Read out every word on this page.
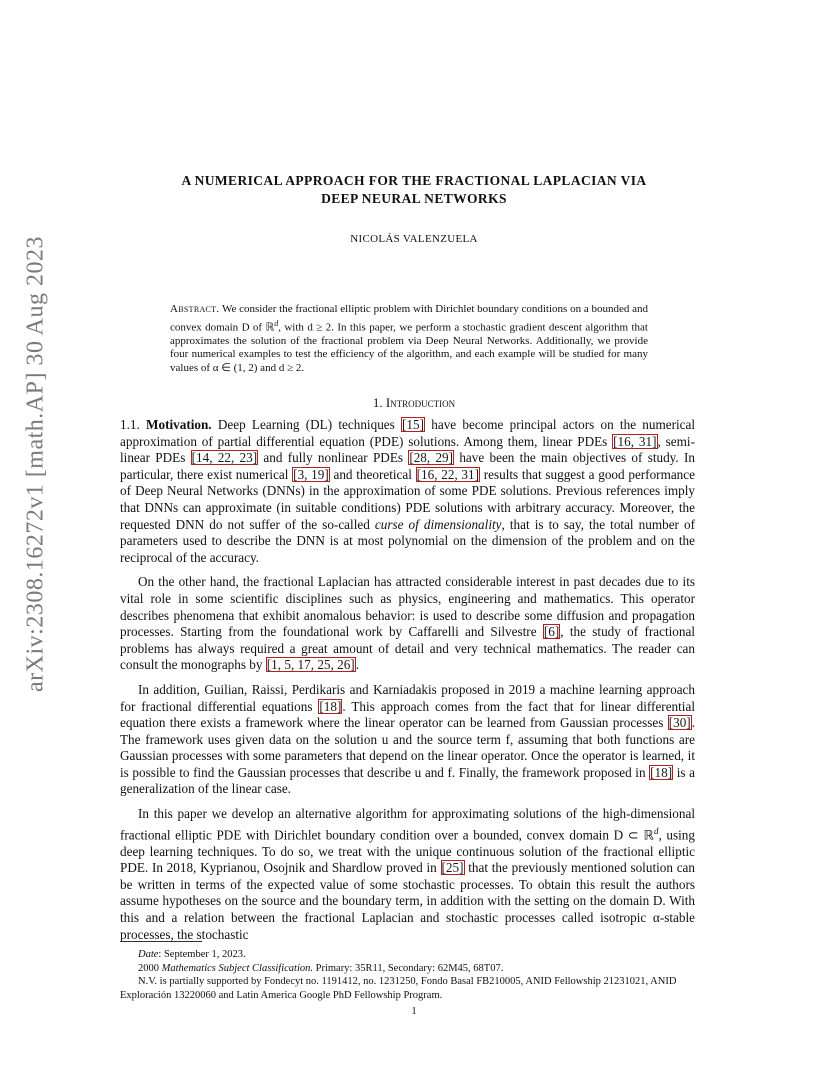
arXiv:2308.16272v1 [math.AP] 30 Aug 2023
A NUMERICAL APPROACH FOR THE FRACTIONAL LAPLACIAN VIA
DEEP NEURAL NETWORKS
NICOLÁS VALENZUELA
Abstract. We consider the fractional elliptic problem with Dirichlet boundary conditions on a bounded and convex domain D of ℝ$^d$, with d ≥ 2. In this paper, we perform a stochastic gradient descent algorithm that approximates the solution of the fractional problem via Deep Neural Networks. Additionally, we provide four numerical examples to test the efficiency of the algorithm, and each example will be studied for many values of α ∈ (1, 2) and d ≥ 2.
1. Introduction

1.1. Motivation. Deep Learning (DL) techniques [15] have become principal actors on the numerical approximation of partial differential equation (PDE) solutions. Among them, linear PDEs [16, 31], semi-linear PDEs [14, 22, 23] and fully nonlinear PDEs [28, 29] have been the main objectives of study. In particular, there exist numerical [3, 19] and theoretical [16, 22, 31] results that suggest a good performance of Deep Neural Networks (DNNs) in the approximation of some PDE solutions. Previous references imply that DNNs can approximate (in suitable conditions) PDE solutions with arbitrary accuracy. Moreover, the requested DNN do not suffer of the so-called curse of dimensionality, that is to say, the total number of parameters used to describe the DNN is at most polynomial on the dimension of the problem and on the reciprocal of the accuracy.

On the other hand, the fractional Laplacian has attracted considerable interest in past decades due to its vital role in some scientific disciplines such as physics, engineering and mathematics. This operator describes phenomena that exhibit anomalous behavior: is used to describe some diffusion and propagation processes. Starting from the foundational work by Caffarelli and Silvestre [6], the study of fractional problems has always required a great amount of detail and very technical mathematics. The reader can consult the monographs by [1, 5, 17, 25, 26].

In addition, Guilian, Raissi, Perdikaris and Karniadakis proposed in 2019 a machine learning approach for fractional differential equations [18]. This approach comes from the fact that for linear differential equation there exists a framework where the linear operator can be learned from Gaussian processes [30]. The framework uses given data on the solution u and the source term f, assuming that both functions are Gaussian processes with some parameters that depend on the linear operator. Once the operator is learned, it is possible to find the Gaussian processes that describe u and f. Finally, the framework proposed in [18] is a generalization of the linear case.

In this paper we develop an alternative algorithm for approximating solutions of the high-dimensional fractional elliptic PDE with Dirichlet boundary condition over a bounded, convex domain D ⊂ ℝ$^d$, using deep learning techniques. To do so, we treat with the unique continuous solution of the fractional elliptic PDE. In 2018, Kyprianou, Osojnik and Shardlow proved in [25] that the previously mentioned solution can be written in terms of the expected value of some stochastic processes. To obtain this result the authors assume hypotheses on the source and the boundary term, in addition with the setting on the domain D. With this and a relation between the fractional Laplacian and stochastic processes called isotropic α-stable processes, the stochastic

Date: September 1, 2023.
2000 Mathematics Subject Classification. Primary: 35R11, Secondary: 62M45, 68T07.
N.V. is partially supported by Fondecyt no. 1191412, no. 1231250, Fondo Basal FB210005, ANID Fellowship 21231021, ANID Exploración 13220060 and Latin America Google PhD Fellowship Program.
1
